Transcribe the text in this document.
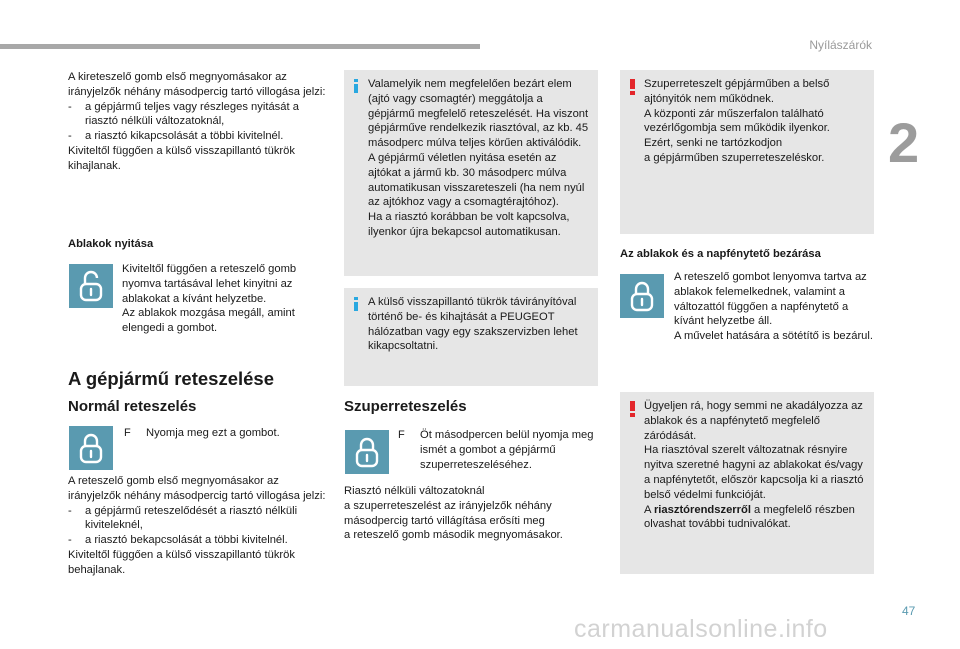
Nyílászárók
2

A kireteszelő gomb első megnyomásakor az irányjelzők néhány másodpercig tartó villogása jelzi:

- a gépjármű teljes vagy részleges nyitását a riasztó nélküli változatoknál,

- a riasztó kikapcsolását a többi kivitelnél.

Kiviteltől függően a külső visszapillantó tükrök kihajlanak.

Ablakok nyitása

Kiviteltől függően a reteszelő gomb nyomva tartásával lehet kinyitni az ablakokat a kívánt helyzetbe.

Az ablakok mozgása megáll, amint elengedi a gombot.

A gépjármű reteszelése
Normál reteszelés
F Nyomja meg ezt a gombot.

A reteszelő gomb első megnyomásakor az irányjelzők néhány másodpercig tartó villogása jelzi:

- a gépjármű reteszelődését a riasztó nélküli kiviteleknél,

- a riasztó bekapcsolását a többi kivitelnél.

Kiviteltől függően a külső visszapillantó tükrök behajlanak.

Valamelyik nem megfelelően bezárt elem (ajtó vagy csomagtér) meggátolja a gépjármű megfelelő reteszelését. Ha viszont gépjárműve rendelkezik riasztóval, az kb. 45 másodperc múlva teljes körűen aktiválódik.

A gépjármű véletlen nyitása esetén az ajtókat a jármű kb. 30 másodperc múlva automatikusan visszareteszeli (ha nem nyúl az ajtókhoz vagy a csomagtérajtóhoz).

Ha a riasztó korábban be volt kapcsolva, ilyenkor újra bekapcsol automatikusan.

A külső visszapillantó tükrök távirányítóval történő be- és kihajtását a PEUGEOT hálózatban vagy egy szakszervizben lehet kikapcsoltatni.

Szuperreteszelés
F Öt másodpercen belül nyomja meg ismét a gombot a gépjármű szuperreteszeléséhez.

Riasztó nélküli változatoknál

a szuperreteszelést az irányjelzők néhány másodpercig tartó villágítása erősíti meg

a reteszelő gomb második megnyomásakor.

Szuperreteszelt gépjárműben a belső ajtónyitók nem működnek.

A központi zár műszerfalon található vezérlőgombja sem működik ilyenkor.

Ezért, senki ne tartózkodjon

a gépjárműben szuperreteszeléskor.

Az ablakok és a napfénytető bezárása

A reteszelő gombot lenyomva tartva az ablakok felemelkednek, valamint a változattól függően a napfénytető a kívánt helyzetbe áll.

A művelet hatására a sötétítő is bezárul.

Ügyeljen rá, hogy semmi ne akadályozza az ablakok és a napfénytető megfelelő záródását.

Ha riasztóval szerelt változatnak résnyire nyitva szeretné hagyni az ablakokat és/vagy a napfénytetőt, először kapcsolja ki a riasztó belső védelmi funkcióját.

A riasztórendszerről a megfelelő részben olvashat további tudnivalókat.

47
carmanualsonline.info
